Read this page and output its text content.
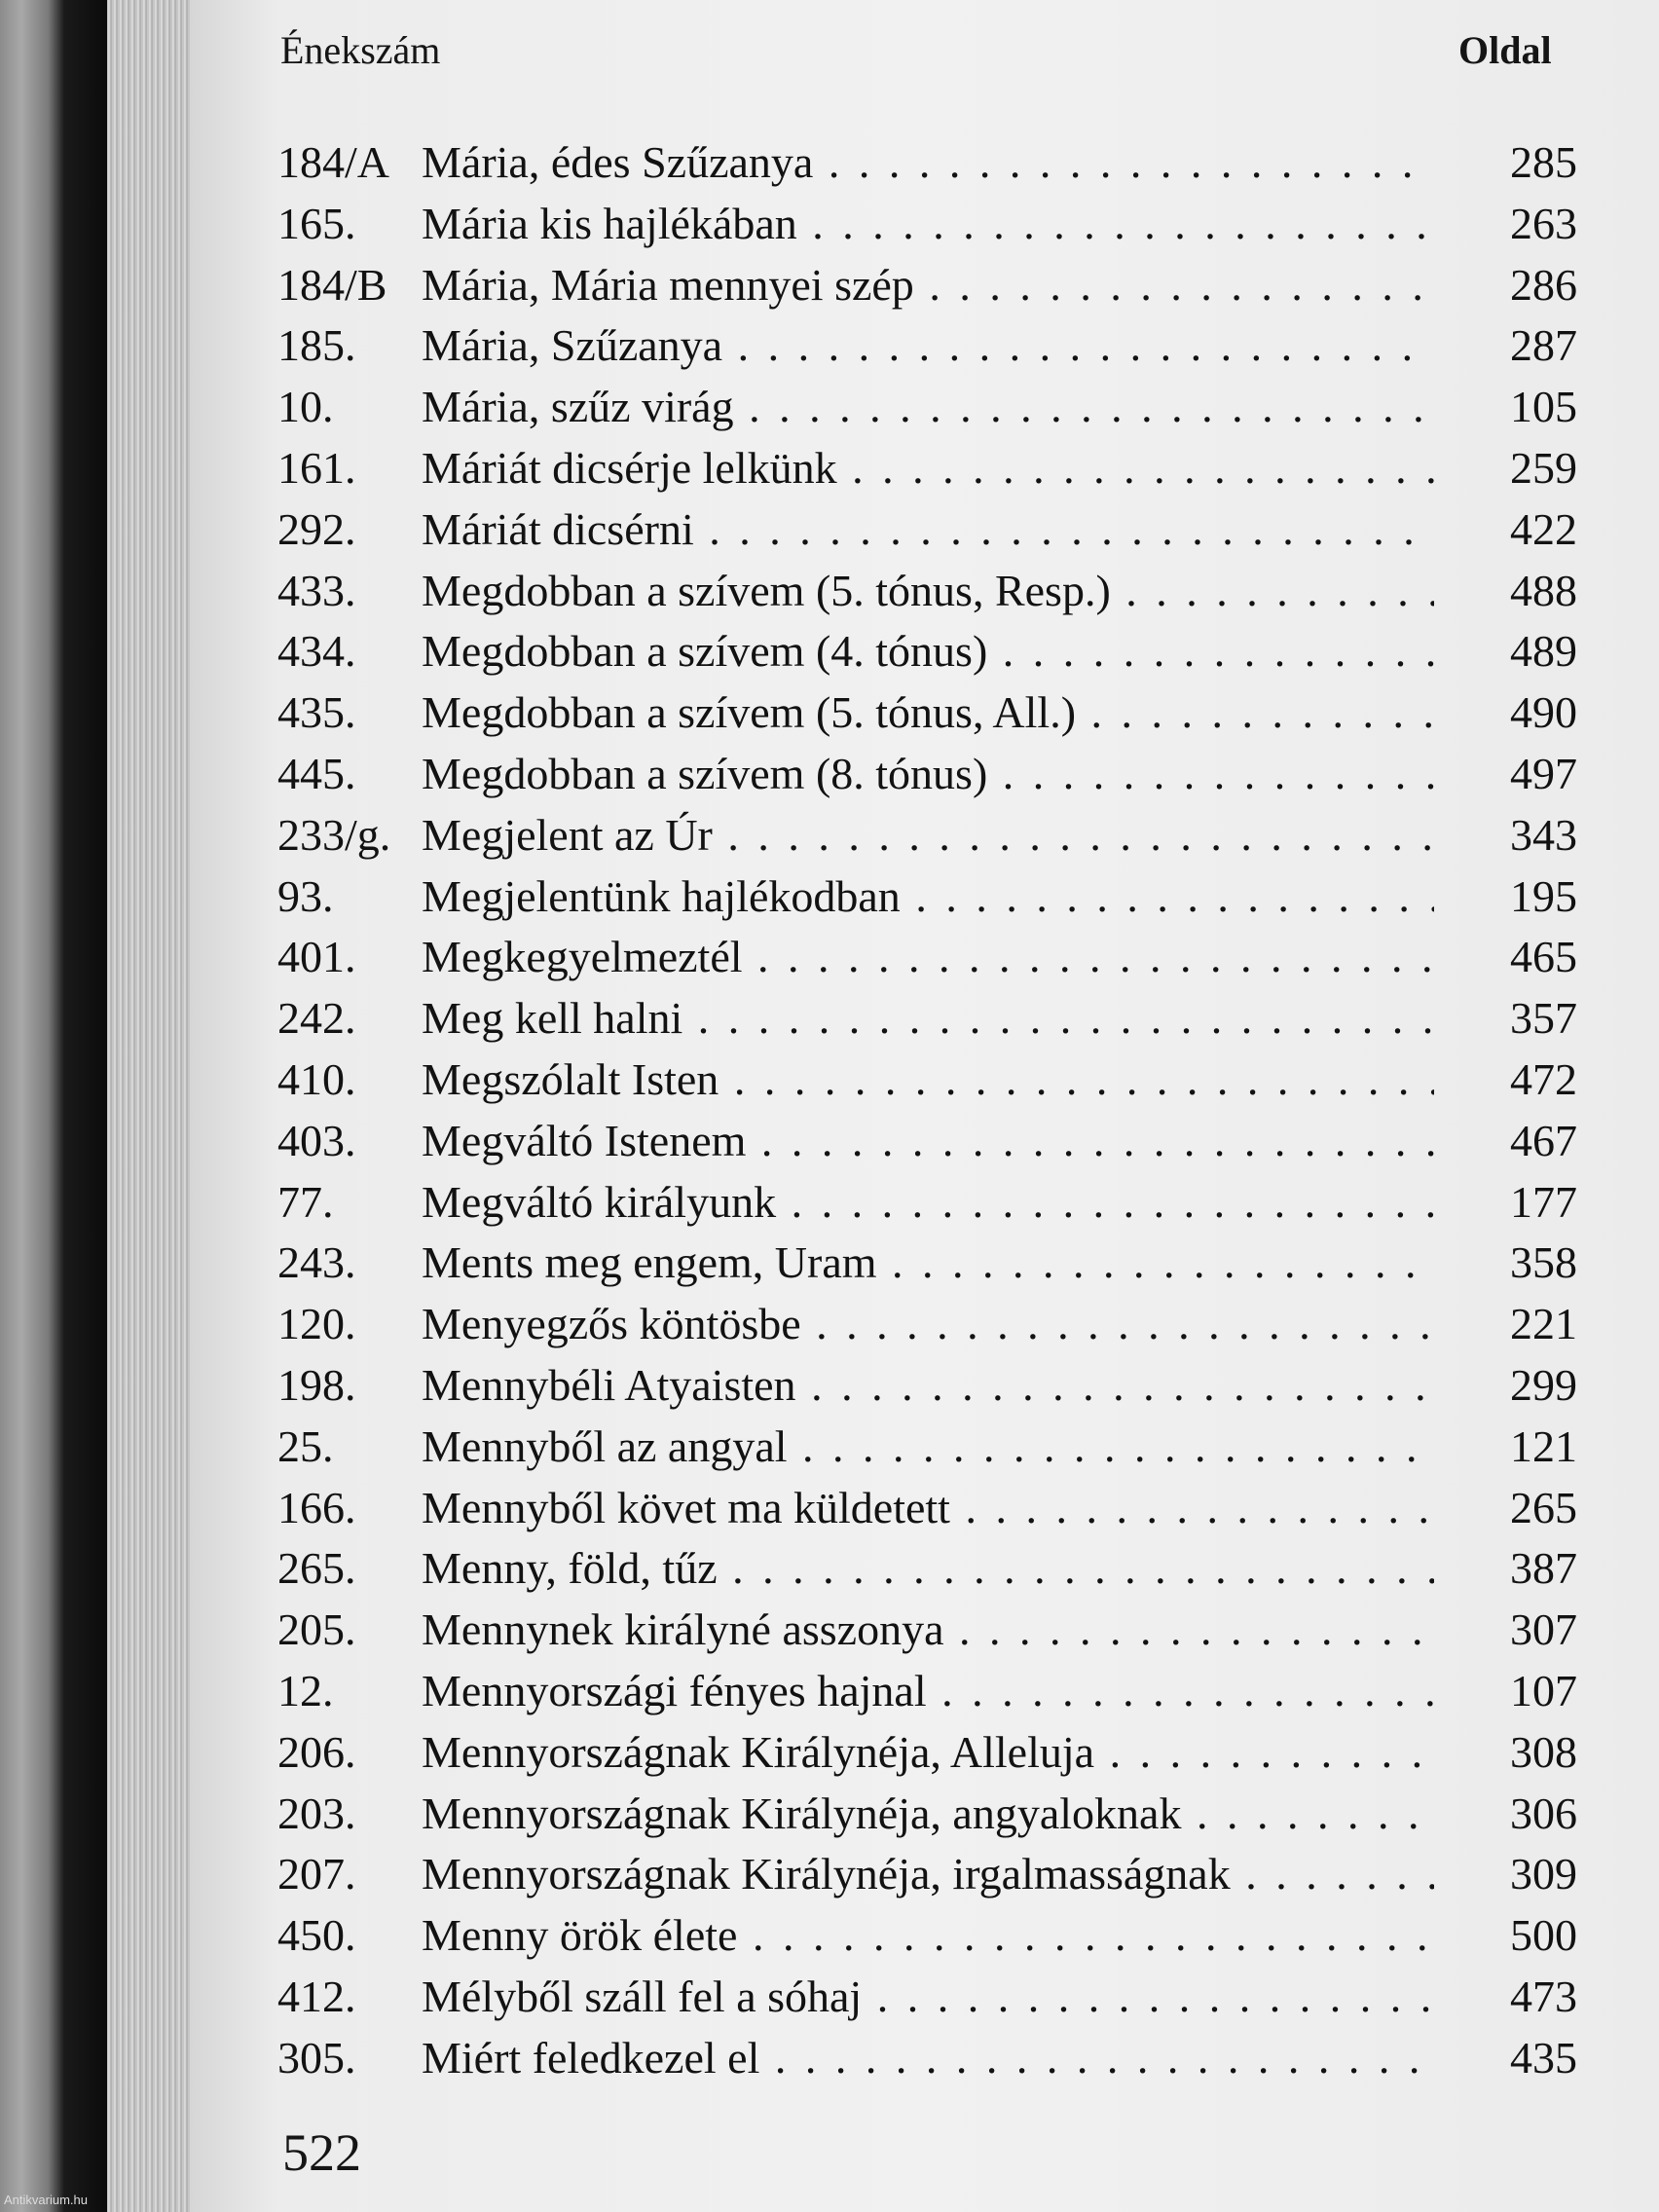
Énekszám	Oldal
184/A Mária, édes Szűzanya . . .	285
165.	Mária kis hajlékában . . .	263
184/B Mária, Mária mennyei szép . . .	286
185.	Mária, Szűzanya . . .	287
10.	Mária, szűz virág . . .	105
161.	Máriát dicsérje lelkünk . . .	259
292.	Máriát dicsérni . . .	422
433.	Megdobban a szívem (5. tónus, Resp.) . . .	488
434.	Megdobban a szívem (4. tónus) . . .	489
435.	Megdobban a szívem (5. tónus, All.) . . .	490
445.	Megdobban a szívem (8. tónus) . . .	497
233/g. Megjelent az Úr . . .	343
93.	Megjelentünk hajlékodban . . .	195
401.	Megkegyelmeztél . . .	465
242.	Meg kell halni . . .	357
410.	Megszólalt Isten . . .	472
403.	Megváltó Istenem . . .	467
77.	Megváltó királyunk . . .	177
243.	Ments meg engem, Uram . . .	358
120.	Menyegzős köntösbe . . .	221
198.	Mennybéli Atyaisten . . .	299
25.	Mennyből az angyal . . .	121
166.	Mennyből követ ma küldetett . . .	265
265.	Menny, föld, tűz . . .	387
205.	Mennynek királyné asszonya . . .	307
12.	Mennyországi fényes hajnal . . .	107
206.	Mennyországnak Királynéja, Alleluja . . .	308
203.	Mennyországnak Királynéja, angyaloknak . . .	306
207.	Mennyországnak Királynéja, irgalmasságnak . . .	309
450.	Menny örök élete . . .	500
412.	Mélyből száll fel a sóhaj . . .	473
305.	Miért feledkezel el . . .	435
522
Antikvarium.hu
